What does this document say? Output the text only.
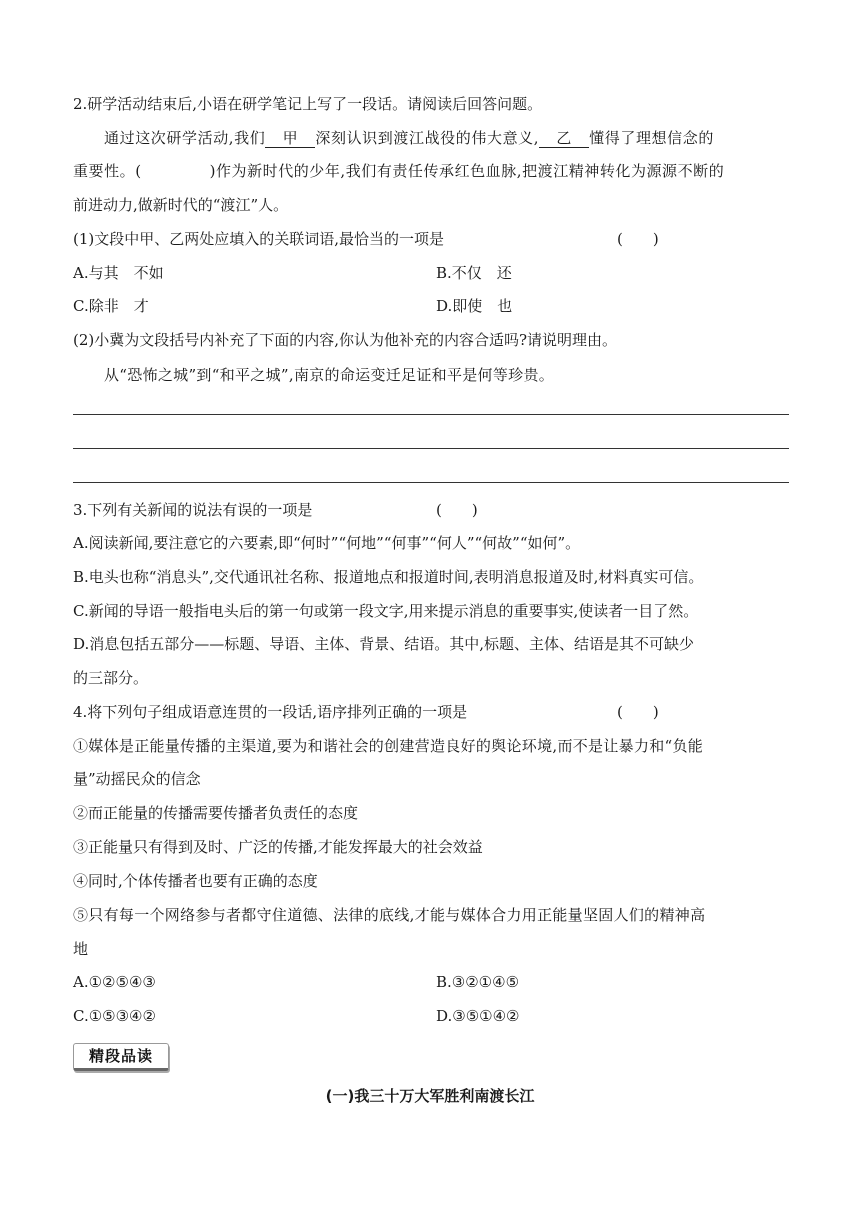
2.研学活动结束后,小语在研学笔记上写了一段话。请阅读后回答问题。
通过这次研学活动,我们 甲 深刻认识到渡江战役的伟大意义, 乙 懂得了理想信念的
重要性。(	)作为新时代的少年,我们有责任传承红色血脉,把渡江精神转化为源源不断的
前进动力,做新时代的“渡江”人。
(1)文段中甲、乙两处应填入的关联词语,最恰当的一项是	(　　)
A.与其　不如	B.不仅　还
C.除非　才	D.即使　也
(2)小冀为文段括号内补充了下面的内容,你认为他补充的内容合适吗?请说明理由。
从“恐怖之城”到“和平之城”,南京的命运变迁足证和平是何等珍贵。
3.下列有关新闻的说法有误的一项是	(　　)
A.阅读新闻,要注意它的六要素,即“何时”“何地”“何事”“何人”“何故”“如何”。
B.电头也称“消息头”,交代通讯社名称、报道地点和报道时间,表明消息报道及时,材料真实可信。
C.新闻的导语一般指电头后的第一句或第一段文字,用来提示消息的重要事实,使读者一目了然。
D.消息包括五部分——标题、导语、主体、背景、结语。其中,标题、主体、结语是其不可缺少
的三部分。
4.将下列句子组成语意连贯的一段话,语序排列正确的一项是	(　　)
①媒体是正能量传播的主渠道,要为和谐社会的创建营造良好的舆论环境,而不是让暴力和“负能
量”动摇民众的信念
②而正能量的传播需要传播者负责任的态度
③正能量只有得到及时、广泛的传播,才能发挥最大的社会效益
④同时,个体传播者也要有正确的态度
⑤只有每一个网络参与者都守住道德、法律的底线,才能与媒体合力用正能量坚固人们的精神高
地
A.①②⑤④③	B.③②①④⑤
C.①⑤③④②	D.③⑤①④②
精段品读
(一)我三十万大军胜利南渡长江
